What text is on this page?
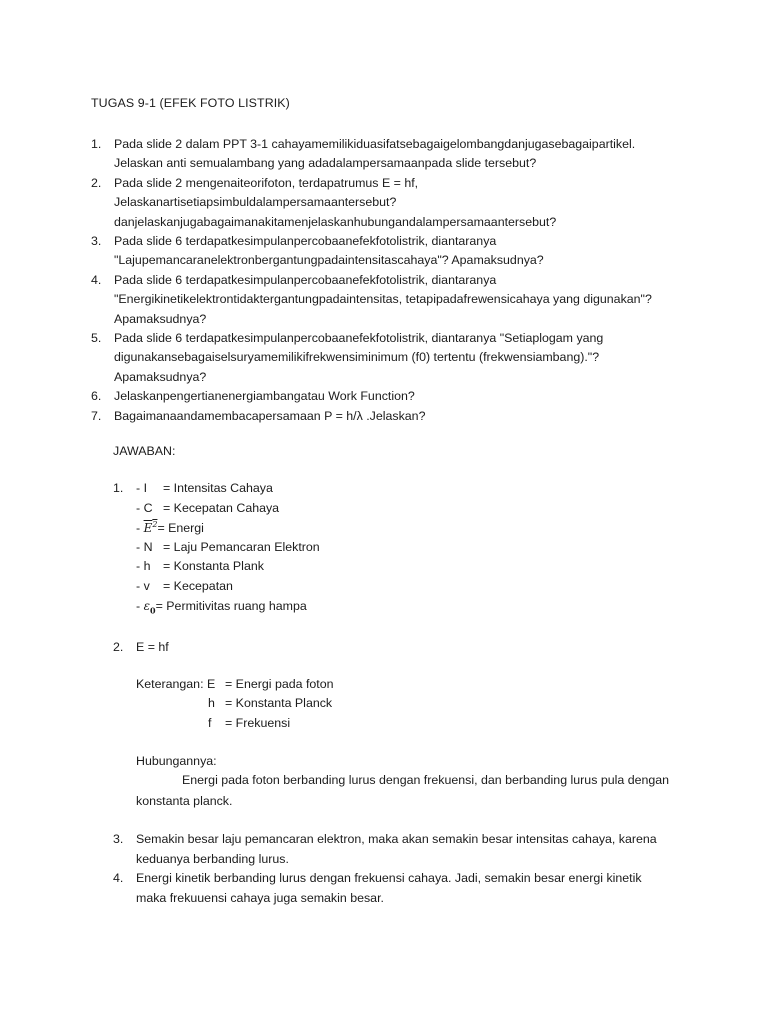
TUGAS 9-1 (EFEK FOTO LISTRIK)
1. Pada slide 2 dalam PPT 3-1 cahayamemilikiduasifatsebagaigelombangdanjugasebagaipartikel.
Jelaskan anti semualambang yang adadalampersamaanpada slide tersebut?
2. Pada slide 2 mengenaiteorifoton, terdapatrumus E = hf,
Jelaskanartisetiapsimbuldalampersamaantersebut?
danjelaskanjugabagaimanakitamenjelaskanhubungandalampersamaantersebut?
3. Pada slide 6 terdapatkesimpulanpercobaanefekfotolistrik, diantaranya
"Lajupemancaranelektronbergantungpadaintensitascahaya"? Apamaksudnya?
4. Pada slide 6 terdapatkesimpulanpercobaanefekfotolistrik, diantaranya
"Energikinetikelektrontidaktergantungpadaintensitas, tetapipadafrewensicahaya yang digunakan"?
Apamaksudnya?
5. Pada slide 6 terdapatkesimpulanpercobaanefekfotolistrik, diantaranya "Setiaplogam yang
digunakansebagaiselsuryamemilikifrekwensiminimum (f0) tertentu (frekwensiambang)."?
Apamaksudnya?
6. Jelaskanpengertianenergiambangatau Work Function?
7. Bagaimanaandamembacapersamaan P = h/λ .Jelaskan?
JAWABAN:
1. - I = Intensitas Cahaya
- C = Kecepatan Cahaya
- $E^2=$ Energi
- N = Laju Pemancaran Elektron
- h = Konstanta Plank
- v = Kecepatan
- $\varepsilon_0=$ Permitivitas ruang hampa
2. E = hf
Keterangan: E = Energi pada foton
h = Konstanta Planck
f = Frekuensi
Hubungannya:
Energi pada foton berbanding lurus dengan frekuensi, dan berbanding lurus pula dengan
konstanta planck.
3. Semakin besar laju pemancaran elektron, maka akan semakin besar intensitas cahaya, karena
keduanya berbanding lurus.
4. Energi kinetik berbanding lurus dengan frekuensi cahaya. Jadi, semakin besar energi kinetik
maka frekuuensi cahaya juga semakin besar.
